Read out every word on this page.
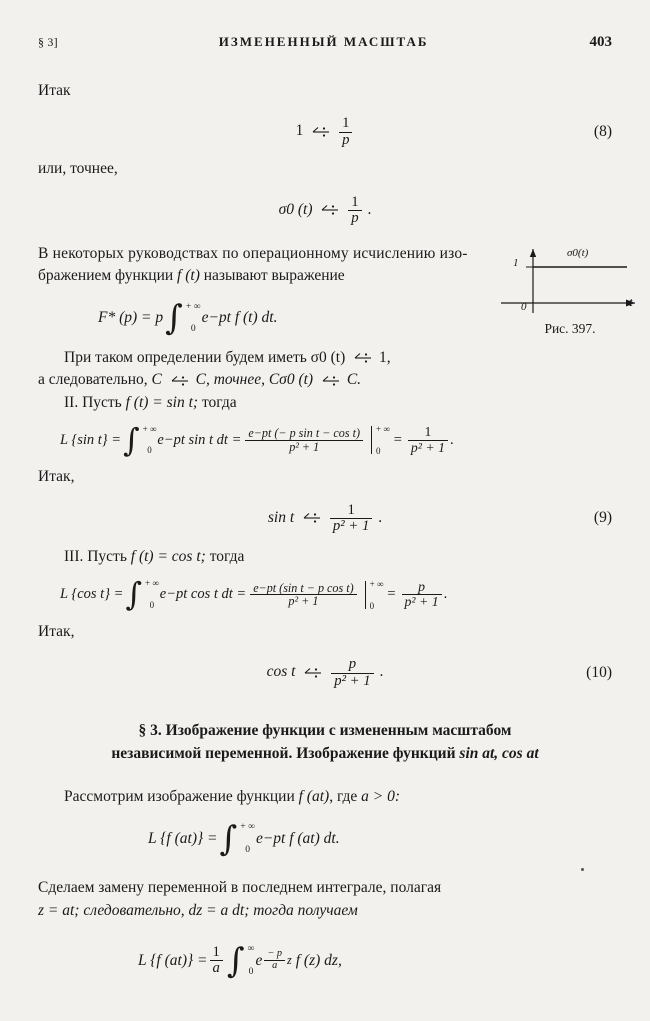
§ 3]	ИЗМЕНЕННЫЙ МАСШТАБ	403

Итак

1
$\frac{1}{p}$	(8)

или, точнее,

σ0 (t)
$\frac{1}{p}$ .

В некоторых руководствах по операционному исчислению изо-

бражением функции f (t) называют выражение

F* (p) = p ∫ + ∞
0
e−pt f (t) dt.

При таком определении будем иметь σ0 (t) 1,

а следовательно, C C, точнее, Cσ0 (t) C.

II. Пусть f (t) = sin t; тогда

L {sin t} = ∫ + ∞
0
e−pt sin t dt = $\frac{\text{e−pt (− p sin t − cos t)}}{\text{p² + 1}}$ + ∞
0
= $\frac{1}{\text{p² + 1}}$ .

Итак,

sin t
$\frac{1}{\text{p² + 1}}$ .	(9)

III. Пусть f (t) = cos t; тогда

L {cos t} = ∫ + ∞
0
e−pt cos t dt = $\frac{\text{e−pt (sin t − p cos t)}}{\text{p² + 1}}$ + ∞
0
= $\frac{p}{\text{p² + 1}}$ .

Итак,

cos t
$\frac{p}{\text{p² + 1}}$ .	(10)
§ 3. Изображение функции с измененным масштабом
независимой переменной. Изображение функций sin at, cos at

Рассмотрим изображение функции f (at), где a > 0:

L {f (at)} = ∫ + ∞
0
e−pt f (at) dt.

Сделаем замену переменной в последнем интеграле, полагая

z = at; следовательно, dz = a dt; тогда получаем

L {f $(at)\} = \frac{1}{a}$ ∫ ∞
0
e $\frac{- p}{a}$ z f (z) dz,
1
0	t
σ0(t)
Рис. 397.
